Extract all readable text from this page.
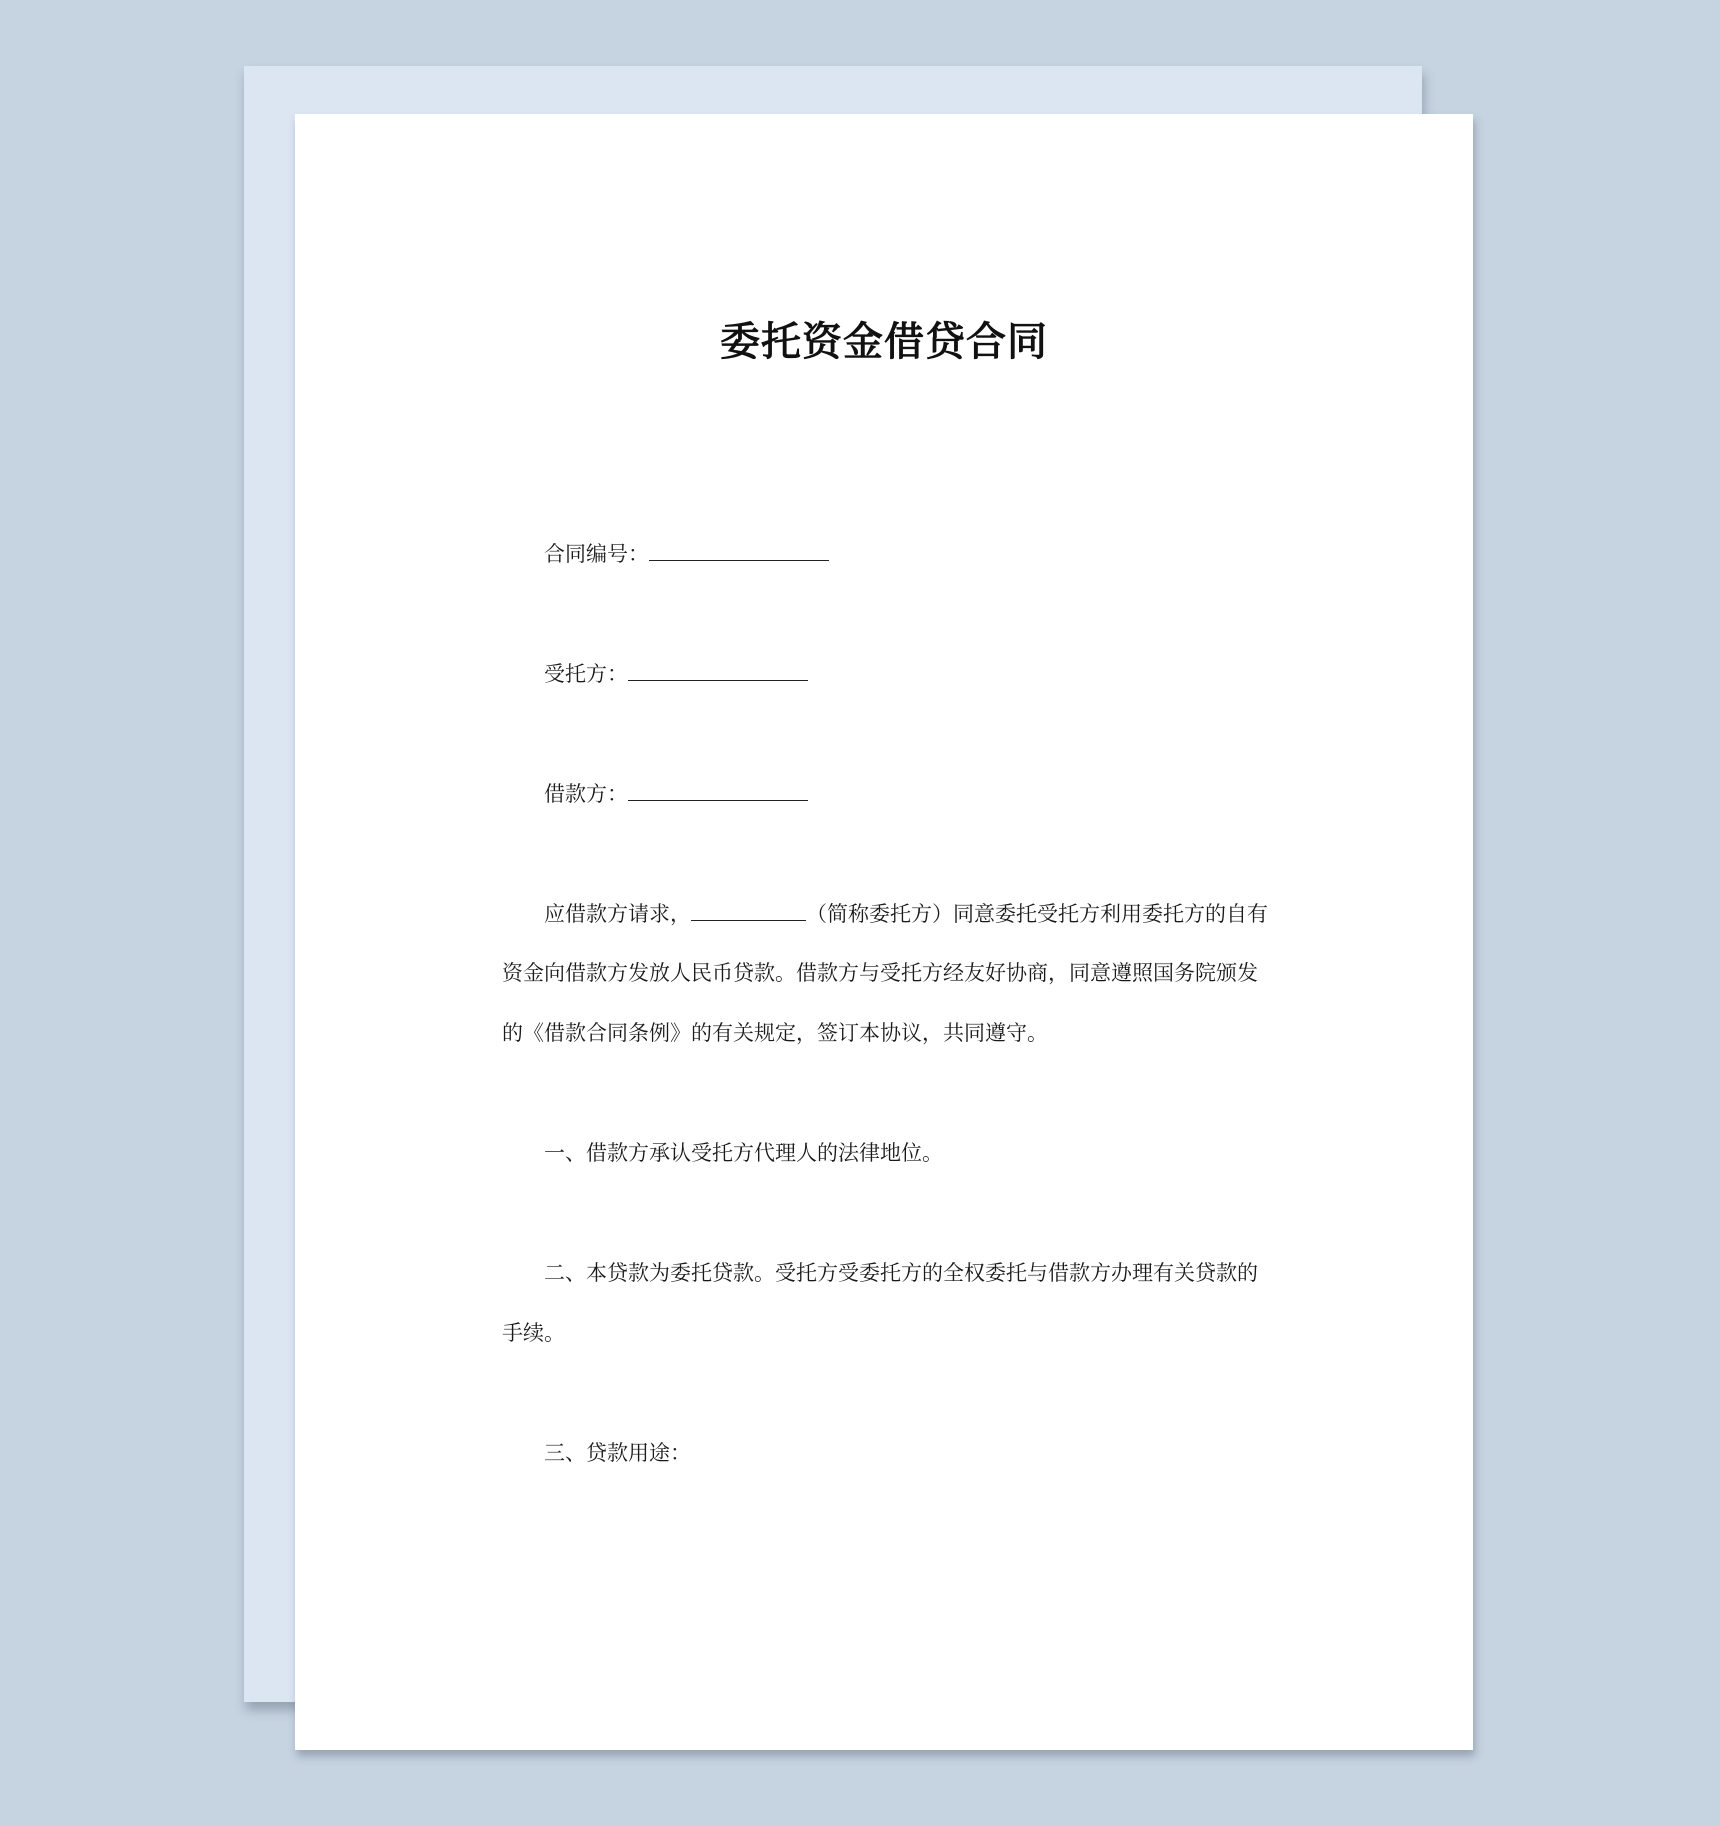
委托资金借贷合同
合同编号：
受托方：
借款方：
应借款方请求，	（简称委托方）同意委托受托方利用委托方的自有
资金向借款方发放人民币贷款。借款方与受托方经友好协商，同意遵照国务院颁发
的《借款合同条例》的有关规定，签订本协议，共同遵守。
一、借款方承认受托方代理人的法律地位。
二、本贷款为委托贷款。受托方受委托方的全权委托与借款方办理有关贷款的
手续。
三、贷款用途：
